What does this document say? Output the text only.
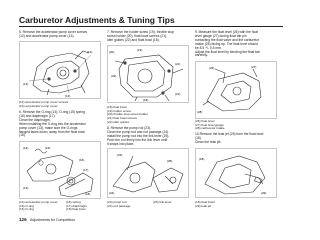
Carburetor Adjustments & Tuning Tips
5. Remove the accelerator pump cover screws
(12) and accelerator pump cover (13).
(12)
(13)
(13)
(12) accelerator pump cover screws
(13) accelerator pump cover
6. Remove the O-ring (14), O-ring (15) spring
(16) and diaphragm (17).
Clean the diaphragm.
When installing the O-ring into the accelerator
pump cover (13), make sure the O-rings
flanged faces down, away from the float bowl
(18).
(14)	(15)
(16)
(17)
(13)
(18)
(14) accelerator pump cover
(15) O-ring
(16) O-ring
(16) spring
(17) diaphragm
(18) float bowl
7. Remove the holder screw (19), throttle stop
screw holder (20), float bowl screws (21),
idler guides (22) and float bowl (18).
(20)	(19)
(21)
(22)
(18)
(21)
(18) float bowl
(19) holder screw
(20) throttle stop screw holder
(21) float bowl screws
(22) idler guides
8. Remove the pump rod (23).
Clean the pump rod and rod passage (24).
Install the pump rod into the link lever (25).
Push the rod firmly into the link lever until
it snaps into place.
(23)
(24)
(25)
(23) pump rod
(24) rod passage
(25) link lever
9. Measure the float level (26) with the float
level gauge (27) during float tab pin
contacting the float valve and the carburetor
intake (28) facing up. The float level should
be 8.5 +/- 0.5 mm.
Adjust the float level by bending the float tab
carefully.
(26)	(27)
(28)
(26) float level
(27) float level gauge
(28) carburetor intake
10.Remove the leak jet (29) from the float bowl
(18).
Clean the leak jet.
(18)
(29)
(18) float bowl
(29) leak jet
126 Adjustments for Competition
